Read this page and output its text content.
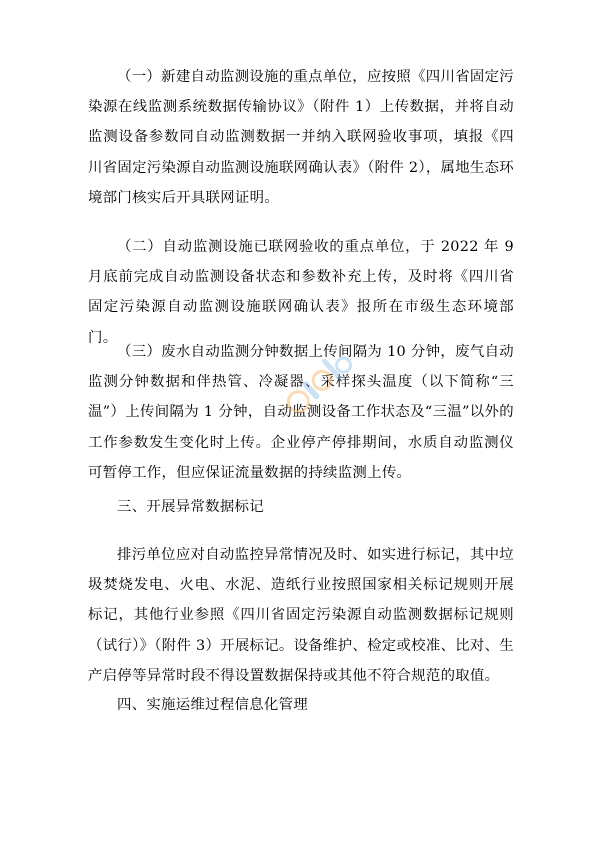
（一）新建自动监测设施的重点单位，应按照《四川省固定污染源在线监测系统数据传输协议》（附件 1）上传数据，并将自动监测设备参数同自动监测数据一并纳入联网验收事项，填报《四川省固定污染源自动监测设施联网确认表》（附件 2），属地生态环境部门核实后开具联网证明。

（二）自动监测设施已联网验收的重点单位，于 2022 年 9 月底前完成自动监测设备状态和参数补充上传，及时将《四川省固定污染源自动监测设施联网确认表》报所在市级生态环境部门。

（三）废水自动监测分钟数据上传间隔为 10 分钟，废气自动监测分钟数据和伴热管、冷凝器、采样探头温度（以下简称“三温”）上传间隔为 1 分钟，自动监测设备工作状态及“三温”以外的工作参数发生变化时上传。企业停产停排期间，水质自动监测仪可暂停工作，但应保证流量数据的持续监测上传。

三、开展异常数据标记

排污单位应对自动监控异常情况及时、如实进行标记，其中垃圾焚烧发电、火电、水泥、造纸行业按照国家相关标记规则开展标记，其他行业参照《四川省固定污染源自动监测数据标记规则（试行）》（附件 3）开展标记。设备维护、检定或校准、比对、生产启停等异常时段不得设置数据保持或其他不符合规范的取值。

四、实施运维过程信息化管理
